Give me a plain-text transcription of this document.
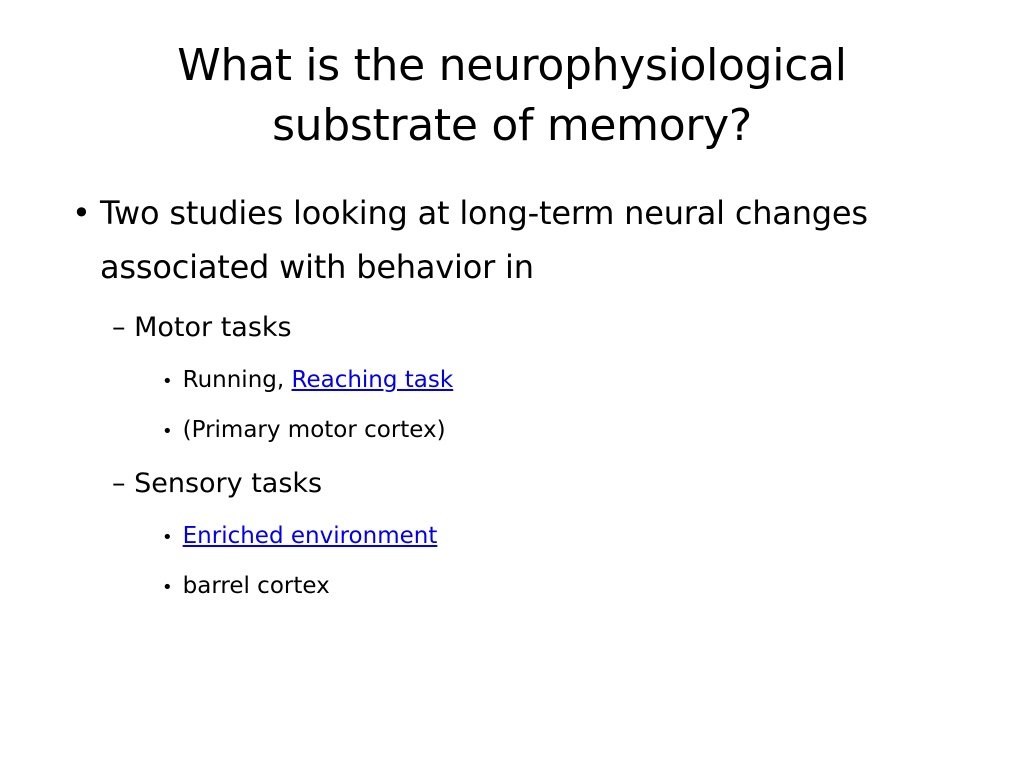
What is the neurophysiological
substrate of memory?
• Two studies looking at long-term neural changes associated with behavior in
– Motor tasks
• Running, Reaching task
• (Primary motor cortex)
– Sensory tasks
• Enriched environment
• barrel cortex
